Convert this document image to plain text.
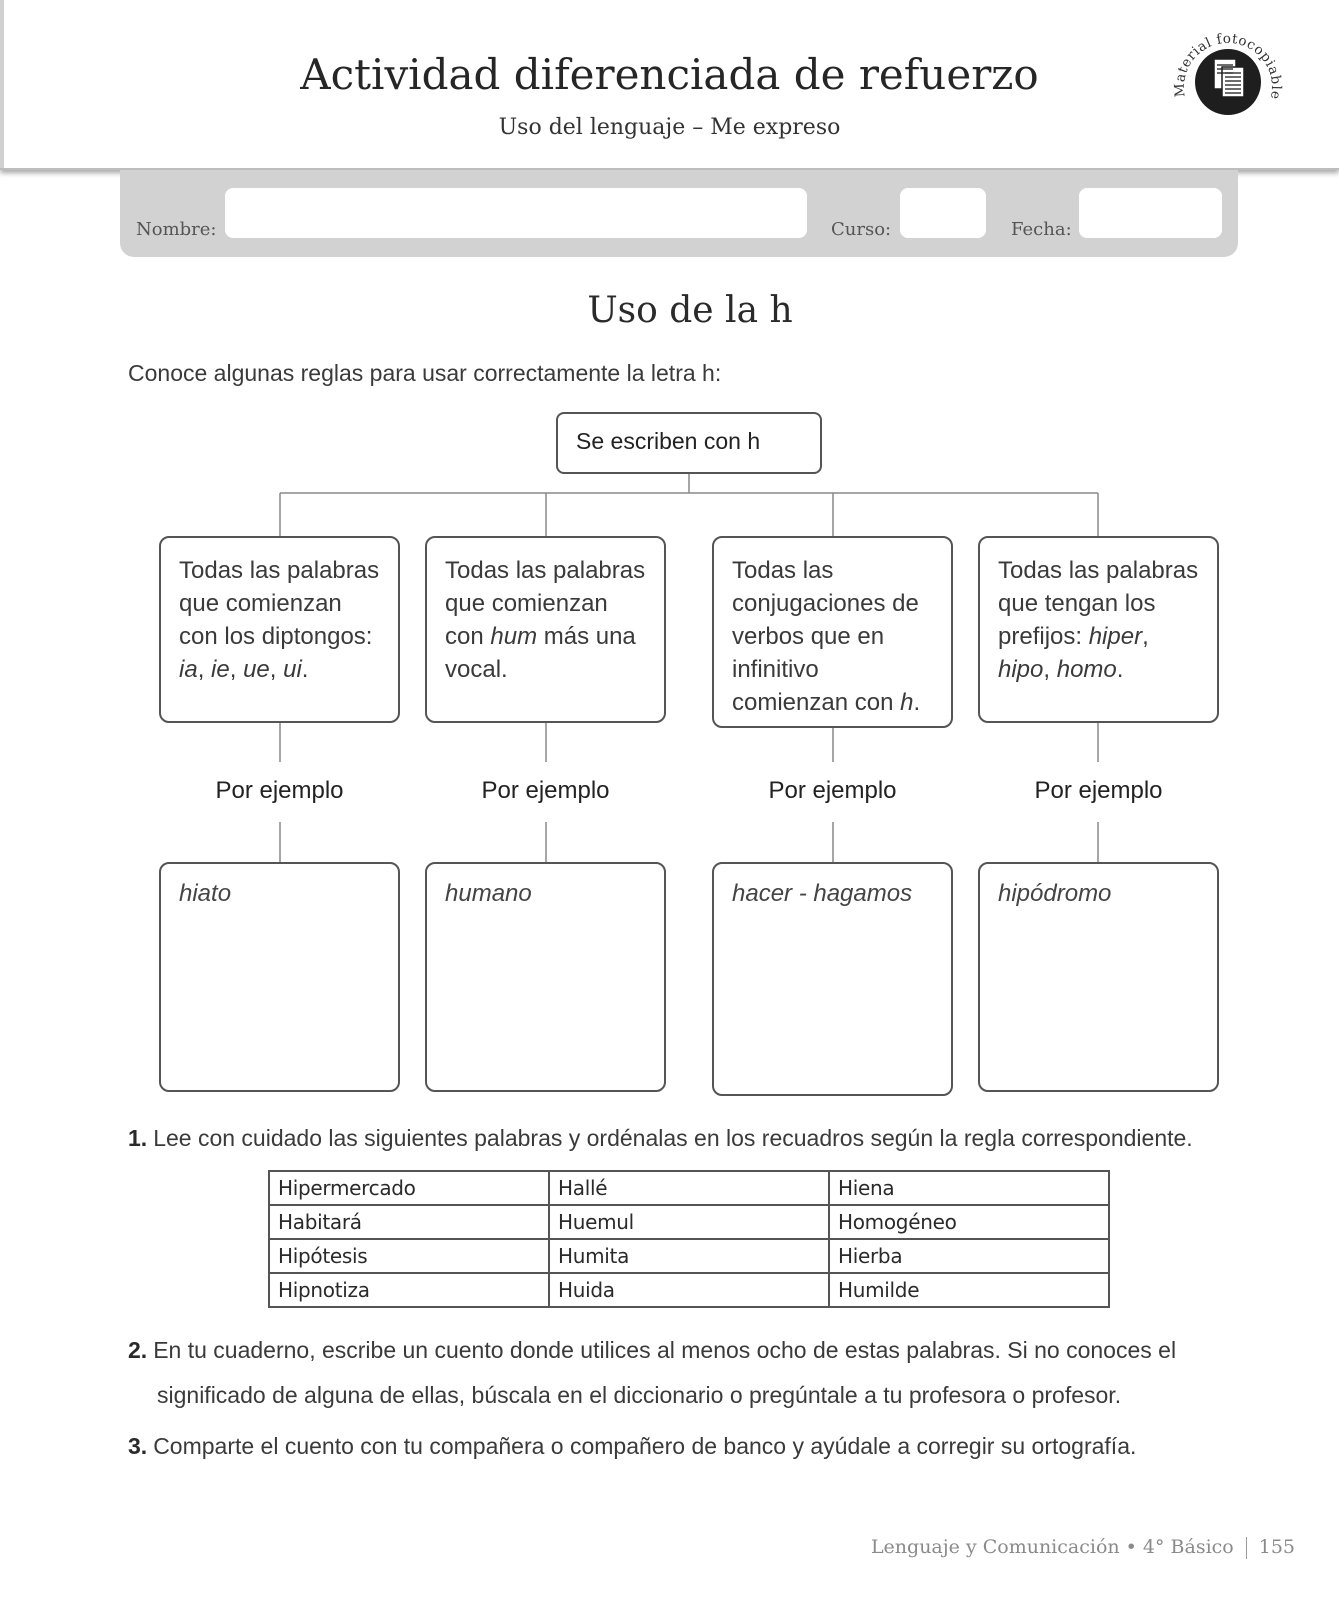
Actividad diferenciada de refuerzo
Uso del lenguaje – Me expreso
Material fotocopiable
Nombre:	Curso:	Fecha:
Uso de la h
Conoce algunas reglas para usar correctamente la letra h:
Se escriben con h
Todas las palabras que comienzan con los diptongos: ia, ie, ue, ui.
Todas las palabras que comienzan con hum más una vocal.
Todas las conjugaciones de verbos que en infinitivo comienzan con h.
Todas las palabras que tengan los prefijos: hiper, hipo, homo.
Por ejemplo	Por ejemplo	Por ejemplo	Por ejemplo
hiato	humano	hacer - hagamos	hipódromo
1. Lee con cuidado las siguientes palabras y ordénalas en los recuadros según la regla correspondiente.
Hipermercado	Hallé	Hiena
Habitará	Huemul	Homogéneo
Hipótesis	Humita	Hierba
Hipnotiza	Huida	Humilde
2. En tu cuaderno, escribe un cuento donde utilices al menos ocho de estas palabras. Si no conoces el
significado de alguna de ellas, búscala en el diccionario o pregúntale a tu profesora o profesor.
3. Comparte el cuento con tu compañera o compañero de banco y ayúdale a corregir su ortografía.
Lenguaje y Comunicación • 4° Básico 155
